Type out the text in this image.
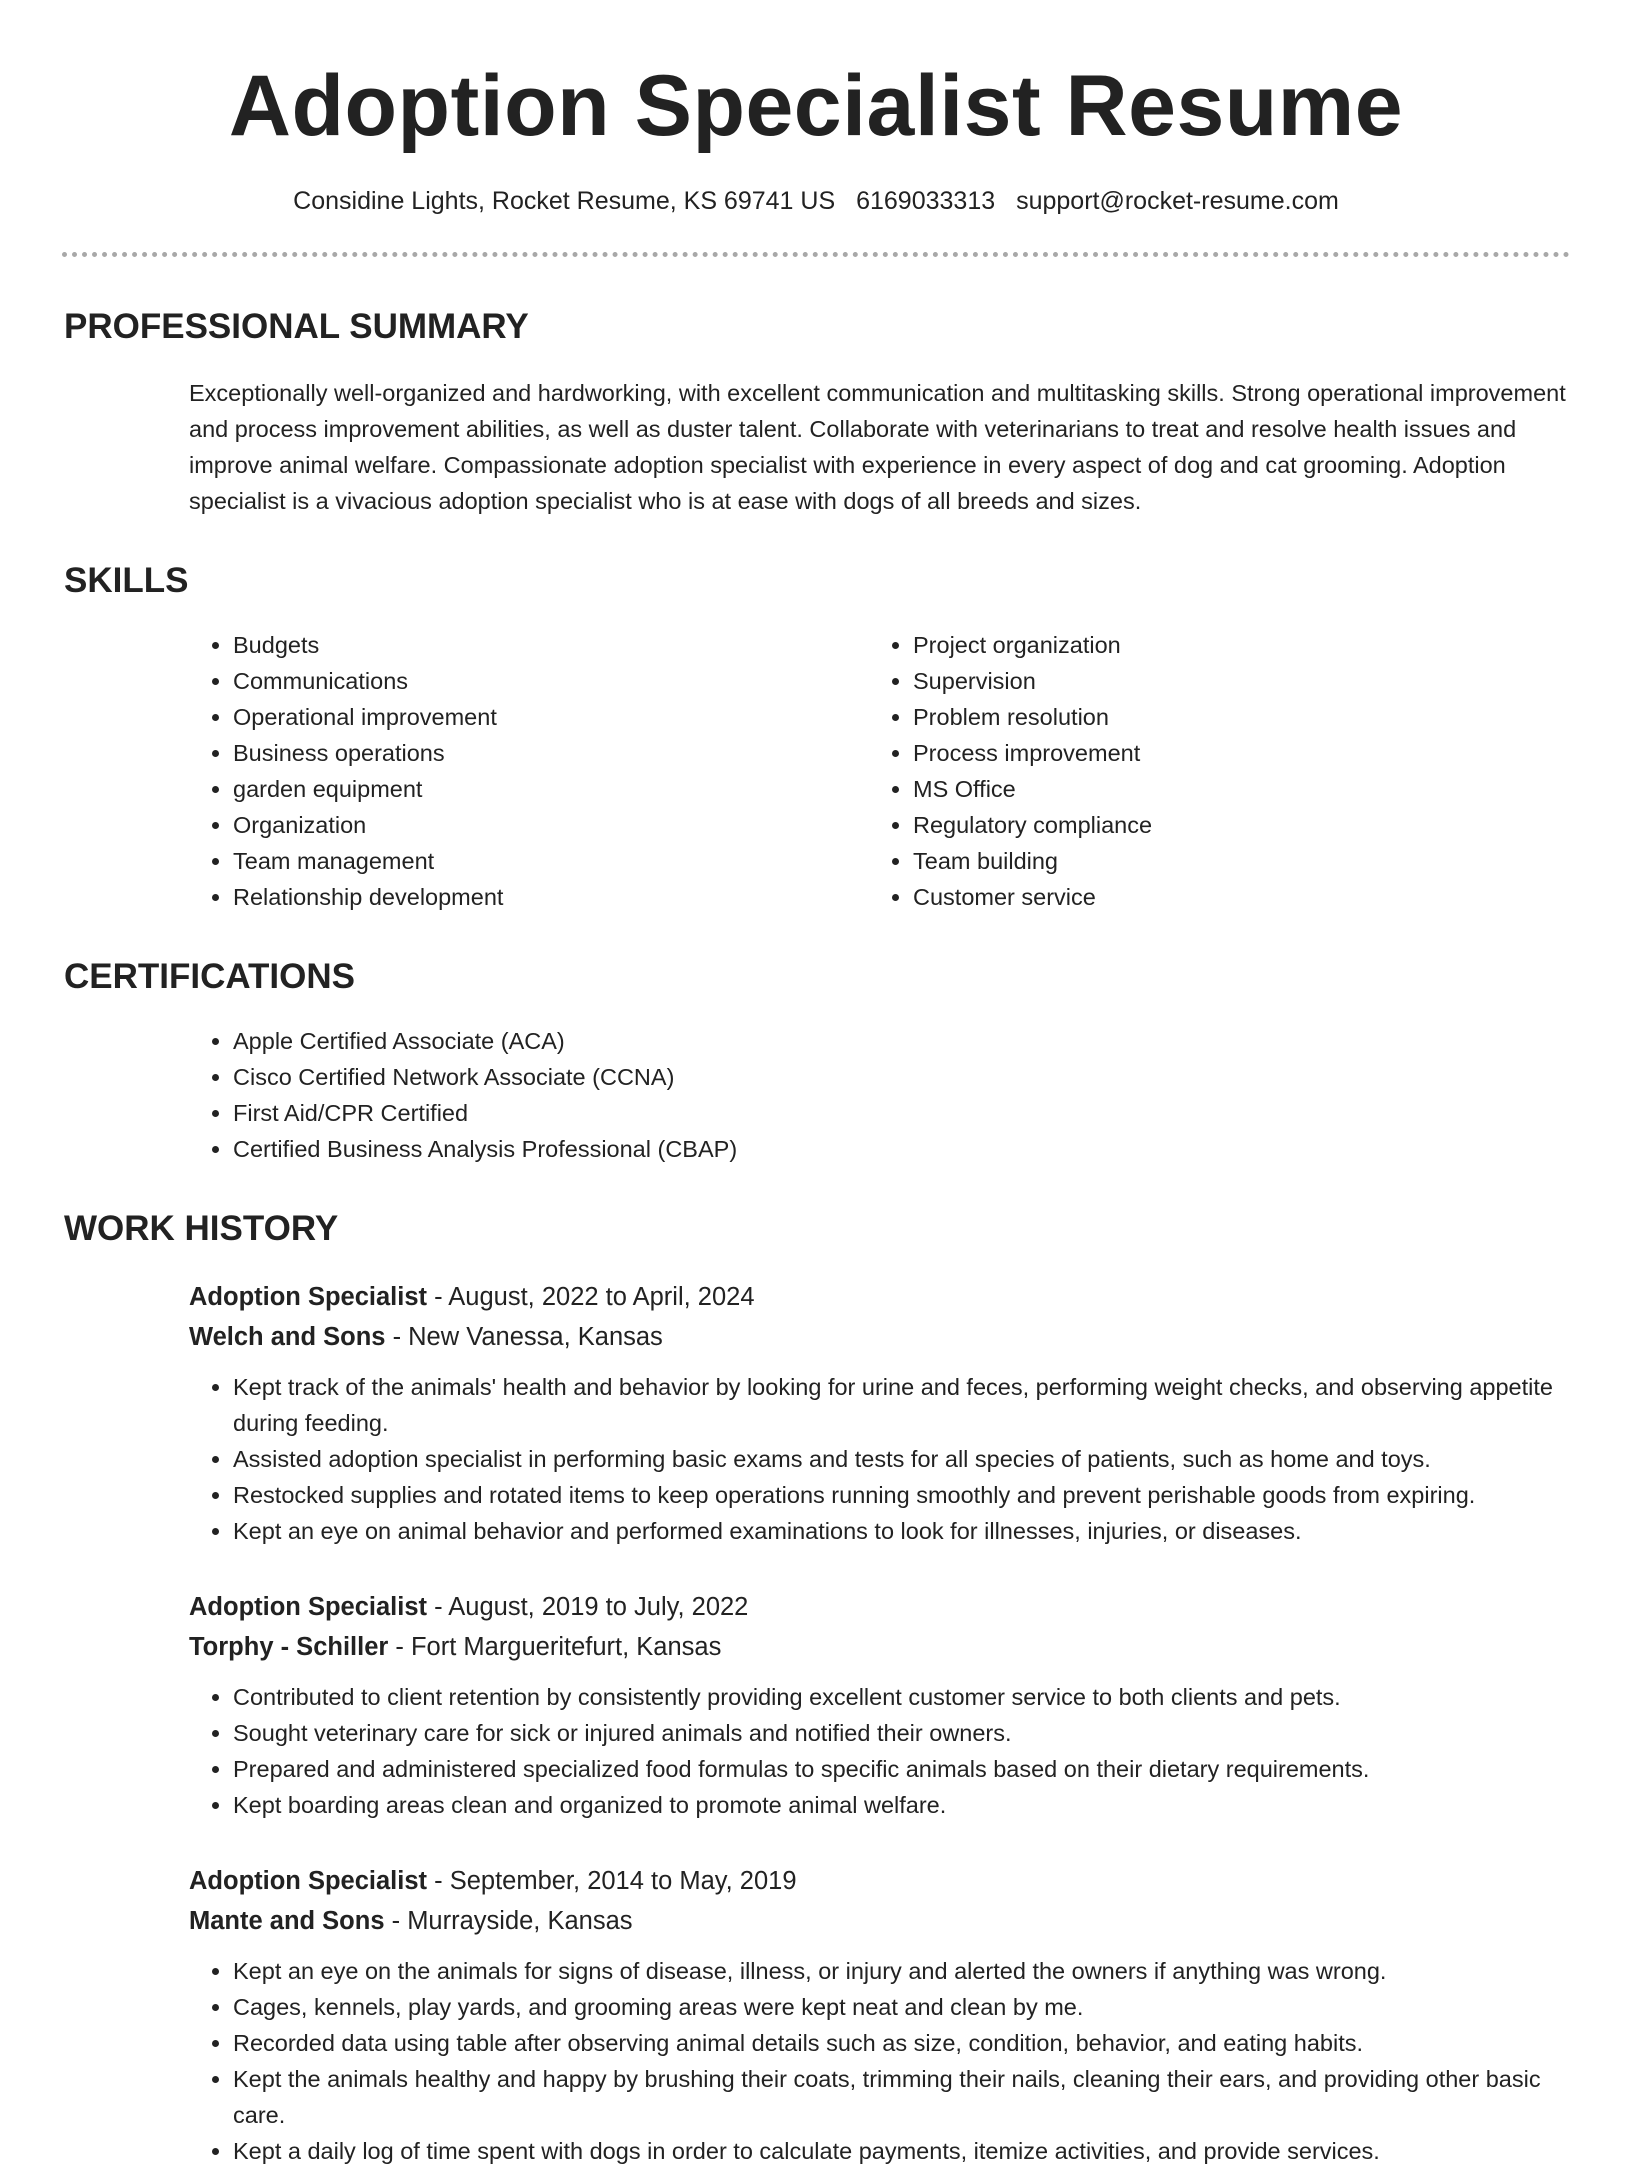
Adoption Specialist Resume
Considine Lights, Rocket Resume, KS 69741 US 6169033313 support@rocket-resume.com
PROFESSIONAL SUMMARY
Exceptionally well-organized and hardworking, with excellent communication and multitasking skills. Strong operational improvement and process improvement abilities, as well as duster talent. Collaborate with veterinarians to treat and resolve health issues and improve animal welfare. Compassionate adoption specialist with experience in every aspect of dog and cat grooming. Adoption specialist is a vivacious adoption specialist who is at ease with dogs of all breeds and sizes.
SKILLS
• Budgets
• Communications
• Operational improvement
• Business operations
• garden equipment
• Organization
• Team management
• Relationship development
• Project organization
• Supervision
• Problem resolution
• Process improvement
• MS Office
• Regulatory compliance
• Team building
• Customer service
CERTIFICATIONS
• Apple Certified Associate (ACA)
• Cisco Certified Network Associate (CCNA)
• First Aid/CPR Certified
• Certified Business Analysis Professional (CBAP)
WORK HISTORY
Adoption Specialist - August, 2022 to April, 2024
Welch and Sons - New Vanessa, Kansas
• Kept track of the animals' health and behavior by looking for urine and feces, performing weight checks, and observing appetite during feeding.
• Assisted adoption specialist in performing basic exams and tests for all species of patients, such as home and toys.
• Restocked supplies and rotated items to keep operations running smoothly and prevent perishable goods from expiring.
• Kept an eye on animal behavior and performed examinations to look for illnesses, injuries, or diseases.
Adoption Specialist - August, 2019 to July, 2022
Torphy - Schiller - Fort Margueritefurt, Kansas
• Contributed to client retention by consistently providing excellent customer service to both clients and pets.
• Sought veterinary care for sick or injured animals and notified their owners.
• Prepared and administered specialized food formulas to specific animals based on their dietary requirements.
• Kept boarding areas clean and organized to promote animal welfare.
Adoption Specialist - September, 2014 to May, 2019
Mante and Sons - Murrayside, Kansas
• Kept an eye on the animals for signs of disease, illness, or injury and alerted the owners if anything was wrong.
• Cages, kennels, play yards, and grooming areas were kept neat and clean by me.
• Recorded data using table after observing animal details such as size, condition, behavior, and eating habits.
• Kept the animals healthy and happy by brushing their coats, trimming their nails, cleaning their ears, and providing other basic care.
• Kept a daily log of time spent with dogs in order to calculate payments, itemize activities, and provide services.
